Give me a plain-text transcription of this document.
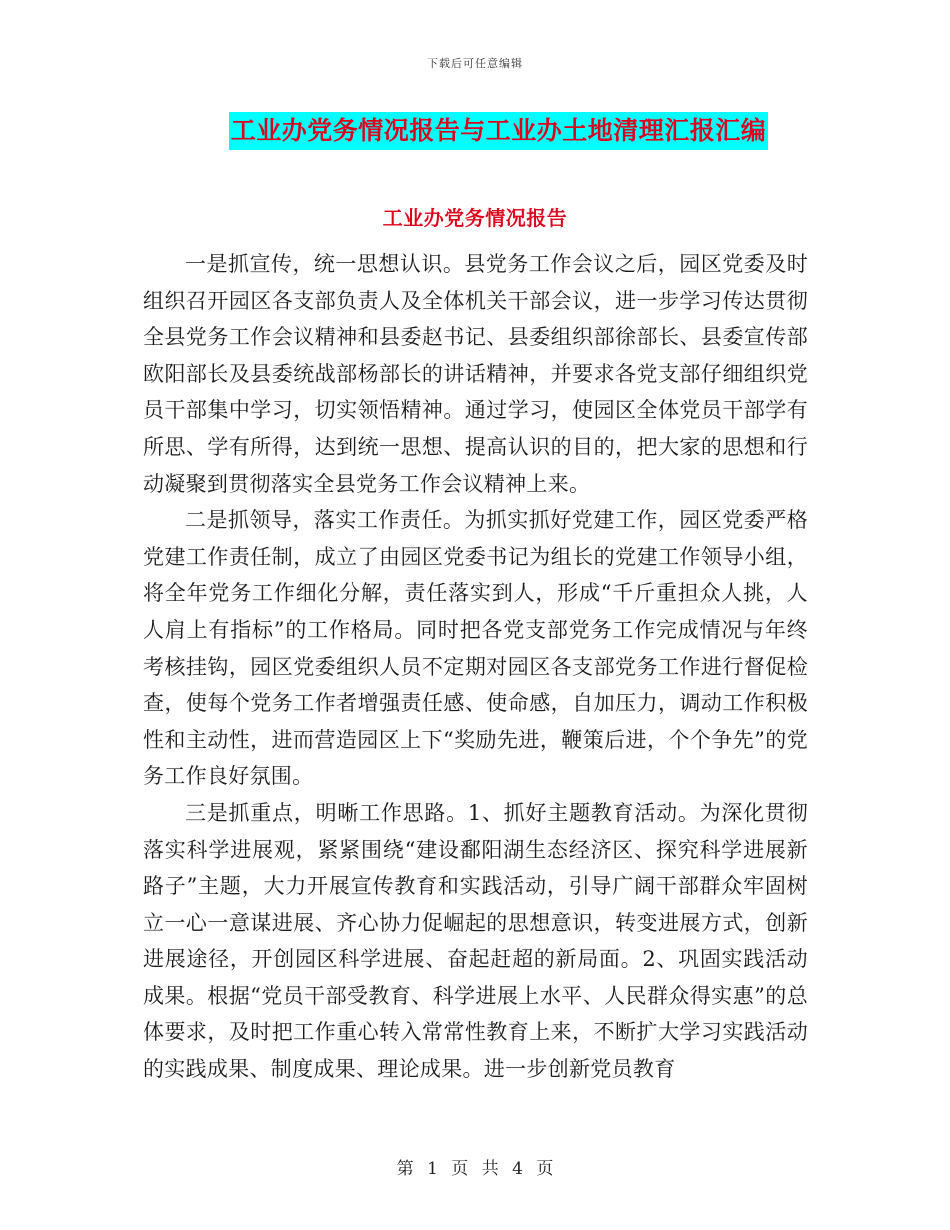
下载后可任意编辑
工业办党务情况报告与工业办土地清理汇报汇编
工业办党务情况报告

一是抓宣传，统一思想认识。县党务工作会议之后，园区党委及时组织召开园区各支部负责人及全体机关干部会议，进一步学习传达贯彻全县党务工作会议精神和县委赵书记、县委组织部徐部长、县委宣传部欧阳部长及县委统战部杨部长的讲话精神，并要求各党支部仔细组织党员干部集中学习，切实领悟精神。通过学习，使园区全体党员干部学有所思、学有所得，达到统一思想、提高认识的目的，把大家的思想和行动凝聚到贯彻落实全县党务工作会议精神上来。

二是抓领导，落实工作责任。为抓实抓好党建工作，园区党委严格党建工作责任制，成立了由园区党委书记为组长的党建工作领导小组，将全年党务工作细化分解，责任落实到人，形成“千斤重担众人挑，人人肩上有指标”的工作格局。同时把各党支部党务工作完成情况与年终考核挂钩，园区党委组织人员不定期对园区各支部党务工作进行督促检查，使每个党务工作者增强责任感、使命感，自加压力，调动工作积极性和主动性，进而营造园区上下“奖励先进，鞭策后进，个个争先”的党务工作良好氛围。

三是抓重点，明晰工作思路。1、抓好主题教育活动。为深化贯彻落实科学进展观，紧紧围绕“建设鄱阳湖生态经济区、探究科学进展新路子”主题，大力开展宣传教育和实践活动，引导广阔干部群众牢固树立一心一意谋进展、齐心协力促崛起的思想意识，转变进展方式，创新进展途径，开创园区科学进展、奋起赶超的新局面。2、巩固实践活动成果。根据“党员干部受教育、科学进展上水平、人民群众得实惠”的总体要求，及时把工作重心转入常常性教育上来，不断扩大学习实践活动的实践成果、制度成果、理论成果。进一步创新党员教育

第 1 页 共 4 页
